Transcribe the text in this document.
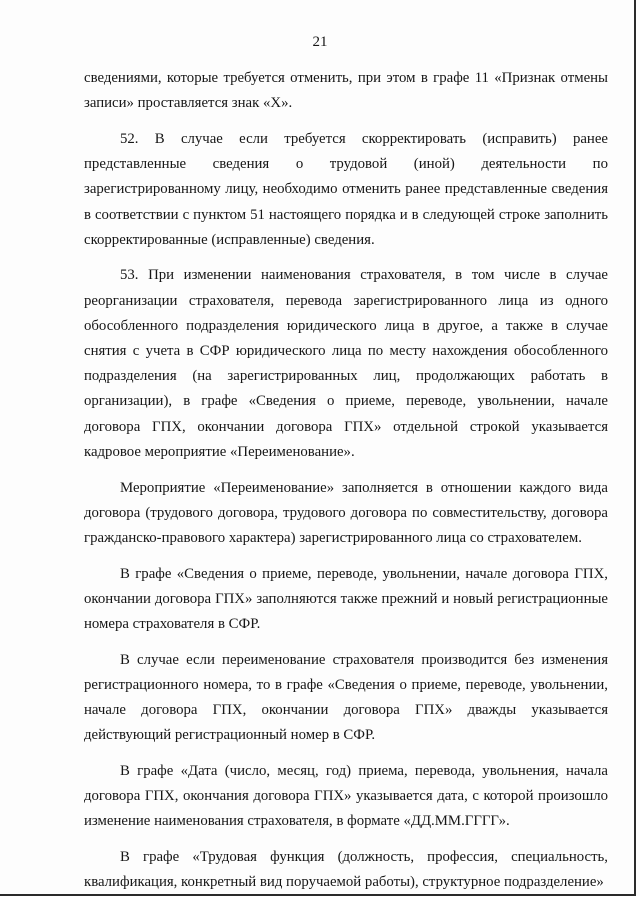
21

сведениями, которые требуется отменить, при этом в графе 11 «Признак отмены записи» проставляется знак «Х».

52. В случае если требуется скорректировать (исправить) ранее представленные сведения о трудовой (иной) деятельности по зарегистрированному лицу, необходимо отменить ранее представленные сведения в соответствии с пунктом 51 настоящего порядка и в следующей строке заполнить скорректированные (исправленные) сведения.

53. При изменении наименования страхователя, в том числе в случае реорганизации страхователя, перевода зарегистрированного лица из одного обособленного подразделения юридического лица в другое, а также в случае снятия с учета в СФР юридического лица по месту нахождения обособленного подразделения (на зарегистрированных лиц, продолжающих работать в организации), в графе «Сведения о приеме, переводе, увольнении, начале договора ГПХ, окончании договора ГПХ» отдельной строкой указывается кадровое мероприятие «Переименование».

Мероприятие «Переименование» заполняется в отношении каждого вида договора (трудового договора, трудового договора по совместительству, договора гражданско-правового характера) зарегистрированного лица со страхователем.

В графе «Сведения о приеме, переводе, увольнении, начале договора ГПХ, окончании договора ГПХ» заполняются также прежний и новый регистрационные номера страхователя в СФР.

В случае если переименование страхователя производится без изменения регистрационного номера, то в графе «Сведения о приеме, переводе, увольнении, начале договора ГПХ, окончании договора ГПХ» дважды указывается действующий регистрационный номер в СФР.

В графе «Дата (число, месяц, год) приема, перевода, увольнения, начала договора ГПХ, окончания договора ГПХ» указывается дата, с которой произошло изменение наименования страхователя, в формате «ДД.ММ.ГГГГ».

В графе «Трудовая функция (должность, профессия, специальность, квалификация, конкретный вид поручаемой работы), структурное подразделение»
